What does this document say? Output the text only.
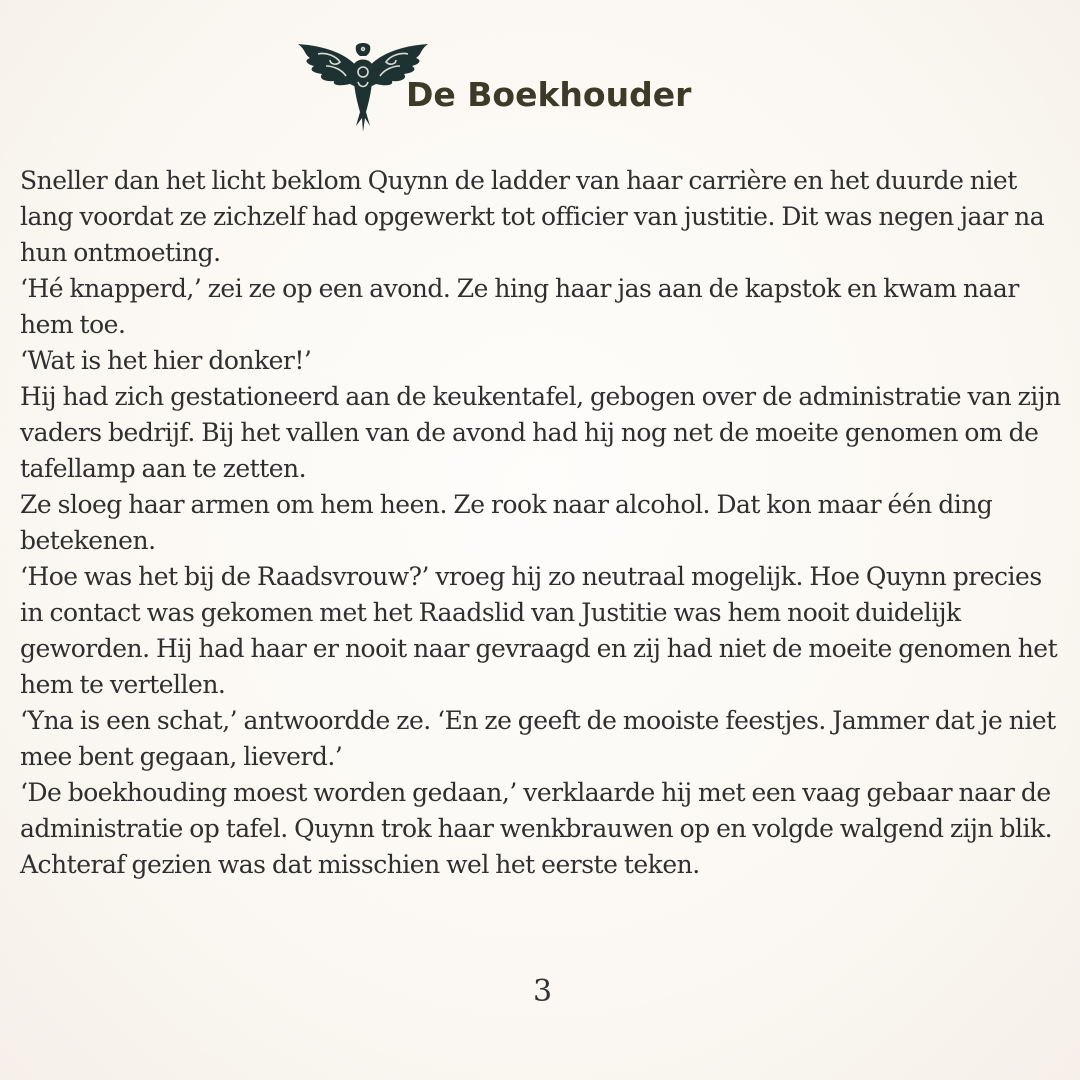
De Boekhouder

Sneller dan het licht beklom Quynn de ladder van haar carrière en het duurde niet lang voordat ze zichzelf had opgewerkt tot officier van justitie. Dit was negen jaar na hun ontmoeting.

‘Hé knapperd,’ zei ze op een avond. Ze hing haar jas aan de kapstok en kwam naar hem toe.

‘Wat is het hier donker!’

Hij had zich gestationeerd aan de keukentafel, gebogen over de administratie van zijn vaders bedrijf. Bij het vallen van de avond had hij nog net de moeite genomen om de tafellamp aan te zetten.

Ze sloeg haar armen om hem heen. Ze rook naar alcohol. Dat kon maar één ding betekenen.

‘Hoe was het bij de Raadsvrouw?’ vroeg hij zo neutraal mogelijk. Hoe Quynn precies in contact was gekomen met het Raadslid van Justitie was hem nooit duidelijk geworden. Hij had haar er nooit naar gevraagd en zij had niet de moeite genomen het hem te vertellen.

‘Yna is een schat,’ antwoordde ze. ‘En ze geeft de mooiste feestjes. Jammer dat je niet mee bent gegaan, lieverd.’

‘De boekhouding moest worden gedaan,’ verklaarde hij met een vaag gebaar naar de administratie op tafel. Quynn trok haar wenkbrauwen op en volgde walgend zijn blik.

Achteraf gezien was dat misschien wel het eerste teken.

3
